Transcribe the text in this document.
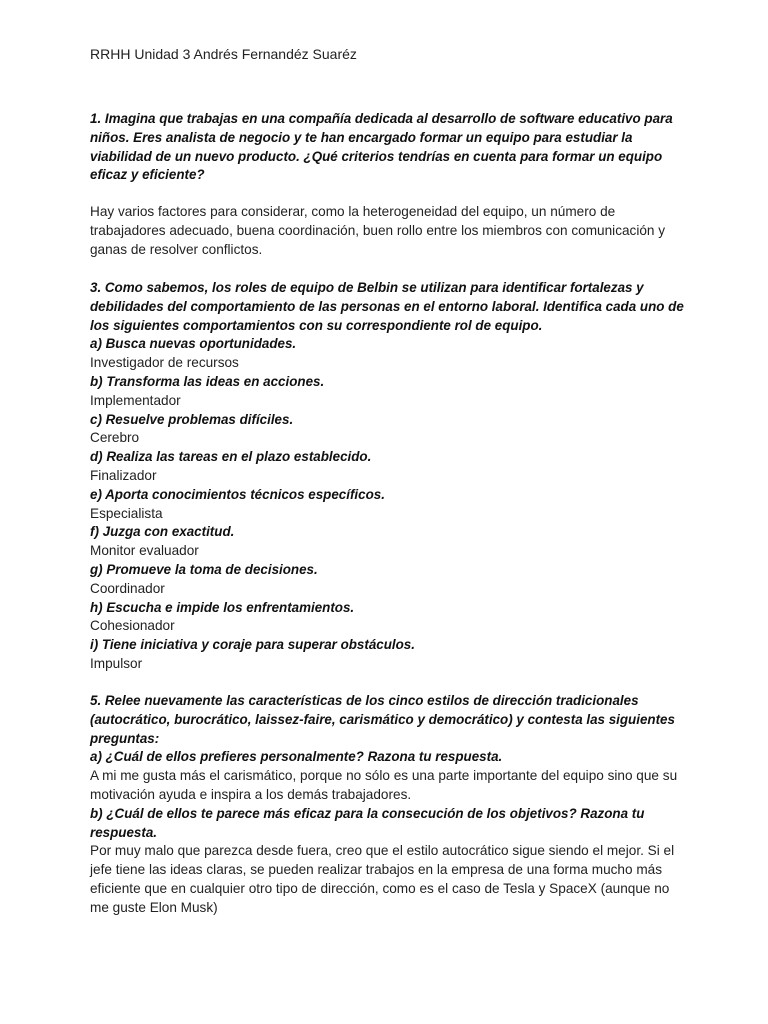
RRHH Unidad 3 Andrés Fernandéz Suaréz

1. Imagina que trabajas en una compañía dedicada al desarrollo de software educativo para niños. Eres analista de negocio y te han encargado formar un equipo para estudiar la viabilidad de un nuevo producto. ¿Qué criterios tendrías en cuenta para formar un equipo eficaz y eficiente?

Hay varios factores para considerar, como la heterogeneidad del equipo, un número de trabajadores adecuado, buena coordinación, buen rollo entre los miembros con comunicación y ganas de resolver conflictos.

3. Como sabemos, los roles de equipo de Belbin se utilizan para identificar fortalezas y debilidades del comportamiento de las personas en el entorno laboral. Identifica cada uno de los siguientes comportamientos con su correspondiente rol de equipo.

a) Busca nuevas oportunidades.

Investigador de recursos

b) Transforma las ideas en acciones.

Implementador

c) Resuelve problemas difíciles.

Cerebro

d) Realiza las tareas en el plazo establecido.

Finalizador

e) Aporta conocimientos técnicos específicos.

Especialista

f) Juzga con exactitud.

Monitor evaluador

g) Promueve la toma de decisiones.

Coordinador

h) Escucha e impide los enfrentamientos.

Cohesionador

i) Tiene iniciativa y coraje para superar obstáculos.

Impulsor

5. Relee nuevamente las características de los cinco estilos de dirección tradicionales (autocrático, burocrático, laissez-faire, carismático y democrático) y contesta las siguientes preguntas:

a) ¿Cuál de ellos prefieres personalmente? Razona tu respuesta.

A mi me gusta más el carismático, porque no sólo es una parte importante del equipo sino que su motivación ayuda e inspira a los demás trabajadores.

b) ¿Cuál de ellos te parece más eficaz para la consecución de los objetivos? Razona tu respuesta.

Por muy malo que parezca desde fuera, creo que el estilo autocrático sigue siendo el mejor. Si el jefe tiene las ideas claras, se pueden realizar trabajos en la empresa de una forma mucho más eficiente que en cualquier otro tipo de dirección, como es el caso de Tesla y SpaceX (aunque no me guste Elon Musk)
